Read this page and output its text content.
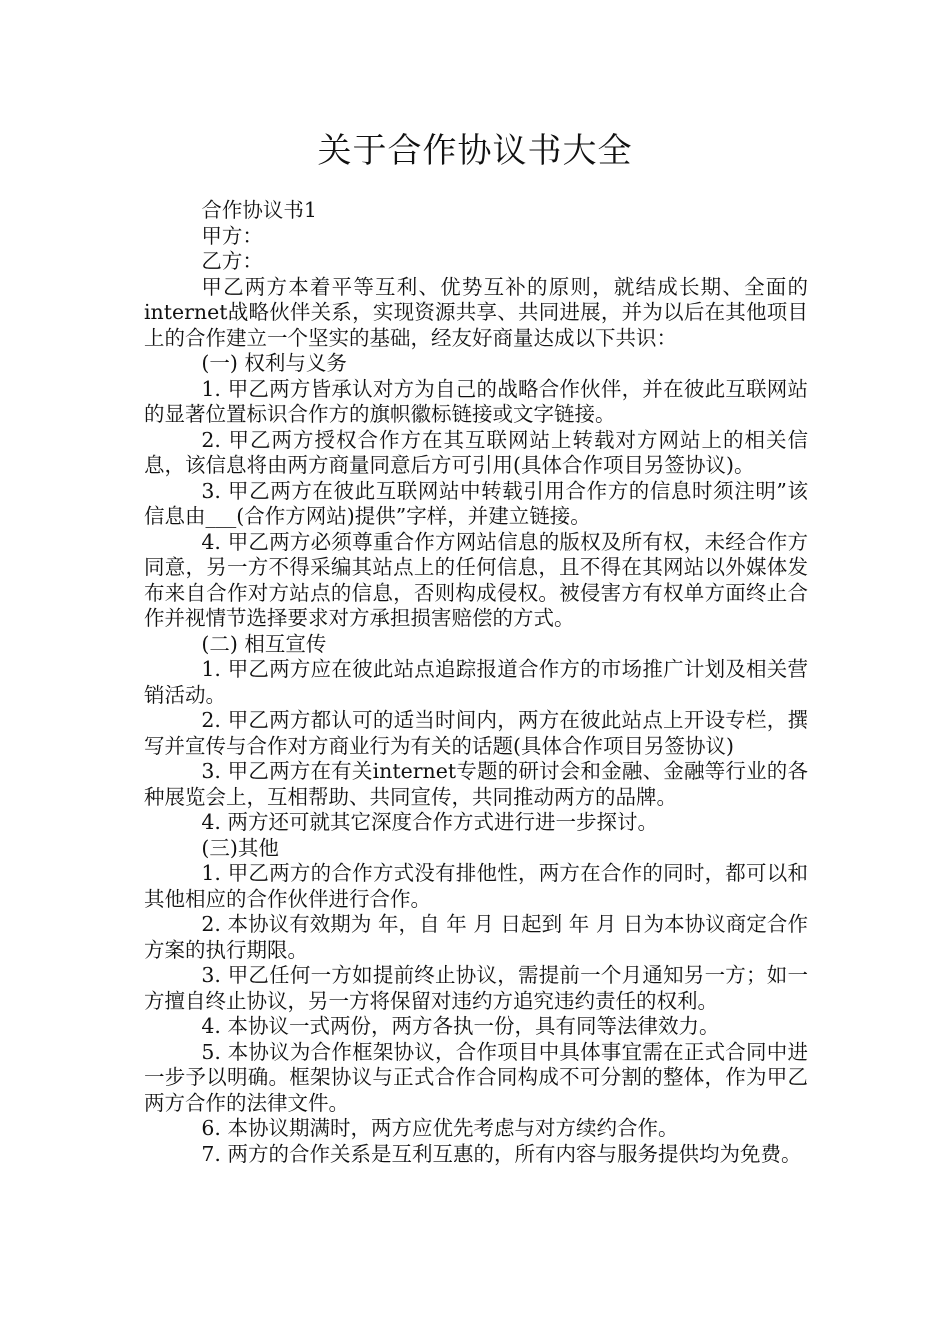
关于合作协议书大全

合作协议书1

甲方：

乙方：

甲乙两方本着平等互利、优势互补的原则，就结成长期、全面的internet战略伙伴关系，实现资源共享、共同进展，并为以后在其他项目上的合作建立一个坚实的基础，经友好商量达成以下共识：

(一) 权利与义务

1. 甲乙两方皆承认对方为自己的战略合作伙伴，并在彼此互联网站的显著位置标识合作方的旗帜徽标链接或文字链接。

2. 甲乙两方授权合作方在其互联网站上转载对方网站上的相关信息，该信息将由两方商量同意后方可引用(具体合作项目另签协议)。

3. 甲乙两方在彼此互联网站中转载引用合作方的信息时须注明”该信息由___(合作方网站)提供”字样，并建立链接。

4. 甲乙两方必须尊重合作方网站信息的版权及所有权，未经合作方同意，另一方不得采编其站点上的任何信息，且不得在其网站以外媒体发布来自合作对方站点的信息，否则构成侵权。被侵害方有权单方面终止合作并视情节选择要求对方承担损害赔偿的方式。

(二) 相互宣传

1. 甲乙两方应在彼此站点追踪报道合作方的市场推广计划及相关营销活动。

2. 甲乙两方都认可的适当时间内，两方在彼此站点上开设专栏，撰写并宣传与合作对方商业行为有关的话题(具体合作项目另签协议)

3. 甲乙两方在有关internet专题的研讨会和金融、金融等行业的各种展览会上，互相帮助、共同宣传，共同推动两方的品牌。

4. 两方还可就其它深度合作方式进行进一步探讨。

(三)其他

1. 甲乙两方的合作方式没有排他性，两方在合作的同时，都可以和其他相应的合作伙伴进行合作。

2. 本协议有效期为 年，自 年 月 日起到 年 月 日为本协议商定合作方案的执行期限。

3. 甲乙任何一方如提前终止协议，需提前一个月通知另一方；如一方擅自终止协议，另一方将保留对违约方追究违约责任的权利。

4. 本协议一式两份，两方各执一份，具有同等法律效力。

5. 本协议为合作框架协议，合作项目中具体事宜需在正式合同中进一步予以明确。框架协议与正式合作合同构成不可分割的整体，作为甲乙两方合作的法律文件。

6. 本协议期满时，两方应优先考虑与对方续约合作。

7. 两方的合作关系是互利互惠的，所有内容与服务提供均为免费。
